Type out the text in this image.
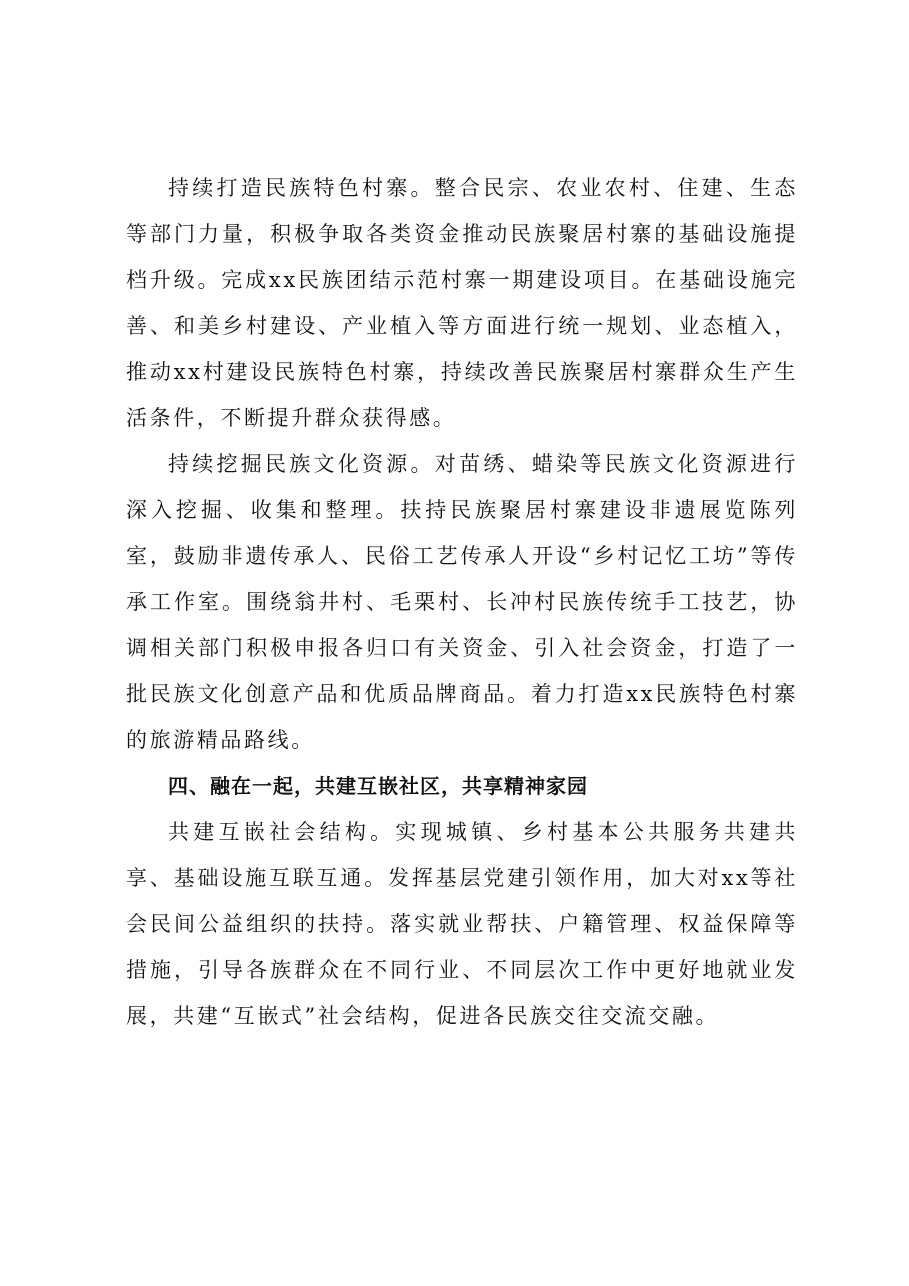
持续打造民族特色村寨。整合民宗、农业农村、住建、生态等部门力量，积极争取各类资金推动民族聚居村寨的基础设施提档升级。完成xx民族团结示范村寨一期建设项目。在基础设施完善、和美乡村建设、产业植入等方面进行统一规划、业态植入，推动xx村建设民族特色村寨，持续改善民族聚居村寨群众生产生活条件，不断提升群众获得感。

持续挖掘民族文化资源。对苗绣、蜡染等民族文化资源进行深入挖掘、收集和整理。扶持民族聚居村寨建设非遗展览陈列室，鼓励非遗传承人、民俗工艺传承人开设“乡村记忆工坊”等传承工作室。围绕翁井村、毛栗村、长冲村民族传统手工技艺，协调相关部门积极申报各归口有关资金、引入社会资金，打造了一批民族文化创意产品和优质品牌商品。着力打造xx民族特色村寨的旅游精品路线。

四、融在一起，共建互嵌社区，共享精神家园

共建互嵌社会结构。实现城镇、乡村基本公共服务共建共享、基础设施互联互通。发挥基层党建引领作用，加大对xx等社会民间公益组织的扶持。落实就业帮扶、户籍管理、权益保障等措施，引导各族群众在不同行业、不同层次工作中更好地就业发展，共建“互嵌式”社会结构，促进各民族交往交流交融。
